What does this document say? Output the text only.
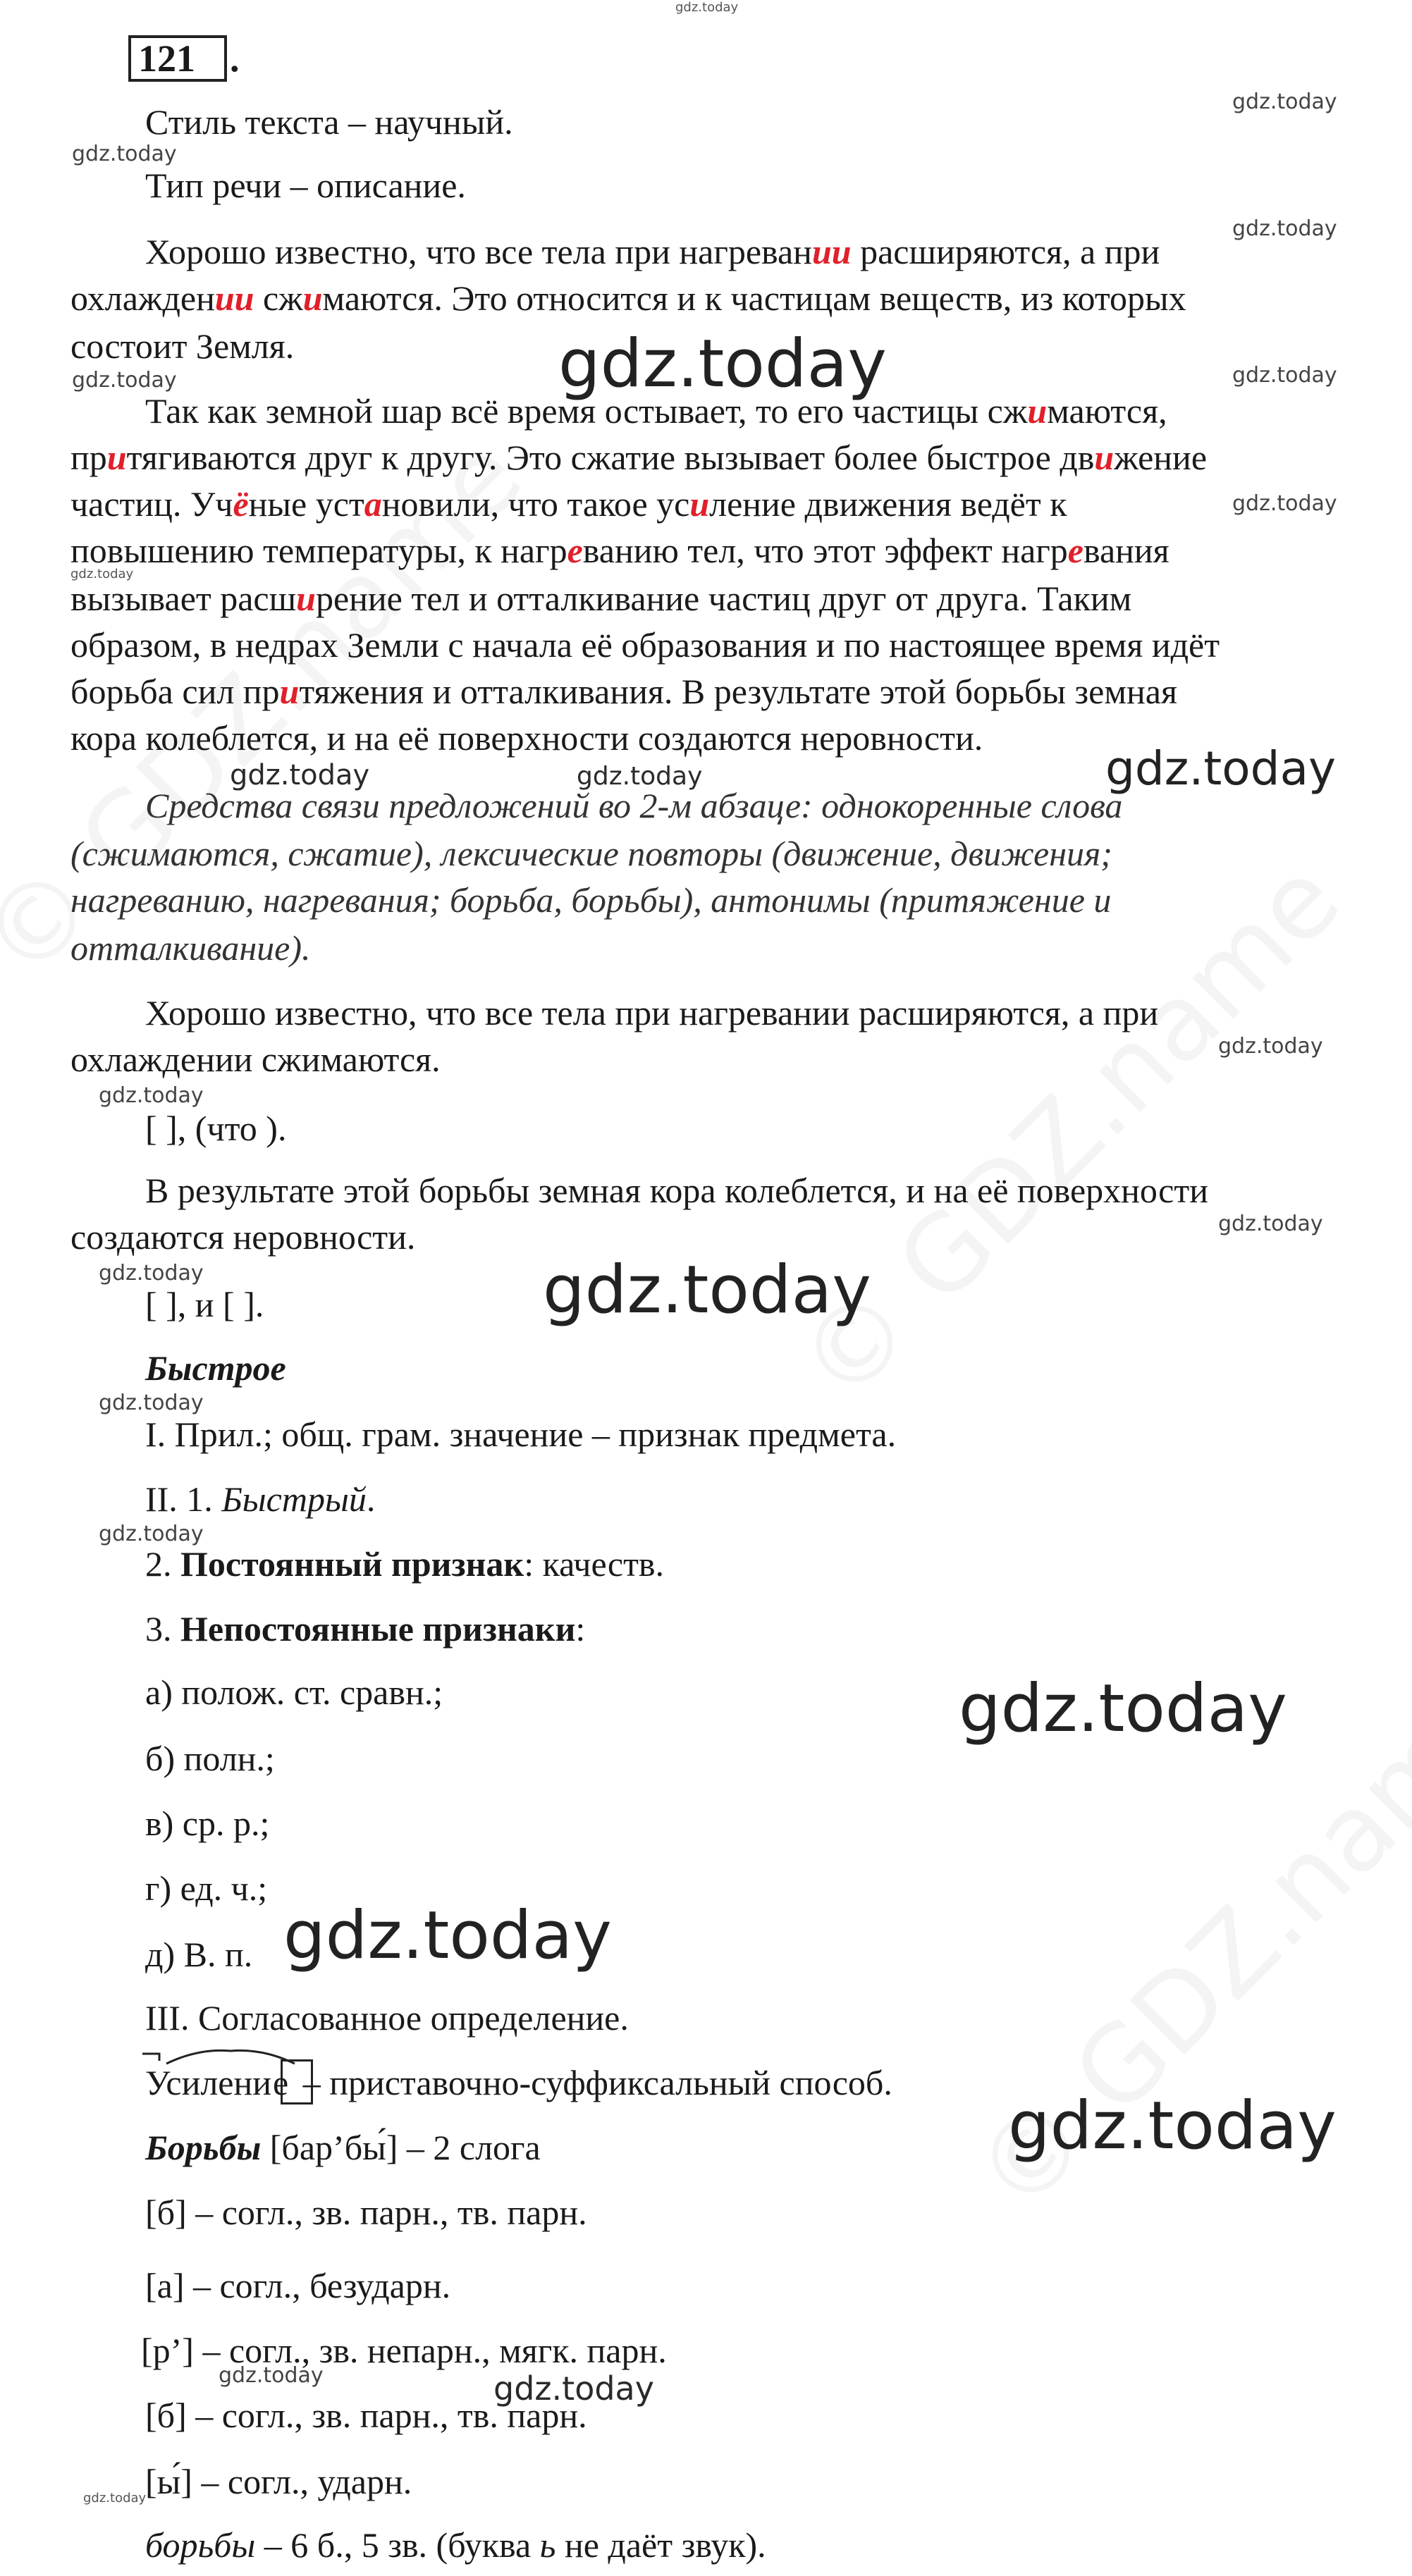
gdz.today
121 .
gdz.today
Стиль текста – научный.
gdz.today
Тип речи – описание.
gdz.today
Хорошо известно, что все тела при нагревании расширяются, а при
охлаждении сжимаются. Это относится и к частицам веществ, из которых
состоит Земля.
gdz.today	gdz.today	gdz.today
Так как земной шар всё время остывает, то его частицы сжимаются,
притягиваются друг к другу. Это сжатие вызывает более быстрое движение
частиц. Учёные установили, что такое усиление движения ведёт к	gdz.today
повышению температуры, к нагреванию тел, что этот эффект нагревания
gdz.today
вызывает расширение тел и отталкивание частиц друг от друга. Таким
образом, в недрах Земли с начала её образования и по настоящее время идёт
борьба сил притяжения и отталкивания. В результате этой борьбы земная
кора колеблется, и на её поверхности создаются неровности.
gdz.today
gdz.today	gdz.today
Средства связи предложений во 2-м абзаце: однокоренные слова
(сжимаются, сжатие), лексические повторы (движение, движения;
нагреванию, нагревания; борьба, борьбы), антонимы (притяжение и
отталкивание).
Хорошо известно, что все тела при нагревании расширяются, а при
gdz.today
охлаждении сжимаются.
gdz.today
[ ], (что ).
В результате этой борьбы земная кора колеблется, и на её поверхности
gdz.today
создаются неровности.
gdz.today	gdz.today
[ ], и [ ].
Быстрое
gdz.today
I. Прил.; общ. грам. значение – признак предмета.
II. 1. Быстрый.
gdz.today
2. Постоянный признак: качеств.
3. Непостоянные признаки:
а) полож. ст. сравн.;	gdz.today
б) полн.;
в) ср. р.;
г) ед. ч.;
д) В. п. gdz.today
III. Согласованное определение.
Усиление – приставочно-суффиксальный способ.
gdz.today
Борьбы [бар’бы́] – 2 слога
[б] – согл., зв. парн., тв. парн.
[а] – согл., безударн.
[р’] – согл., зв. непарн., мягк. парн.
gdz.today	gdz.today
[б] – согл., зв. парн., тв. парн.
[ы́] – согл., ударн.
gdz.today
борьбы – 6 б., 5 зв. (буква ь не даёт звук).
